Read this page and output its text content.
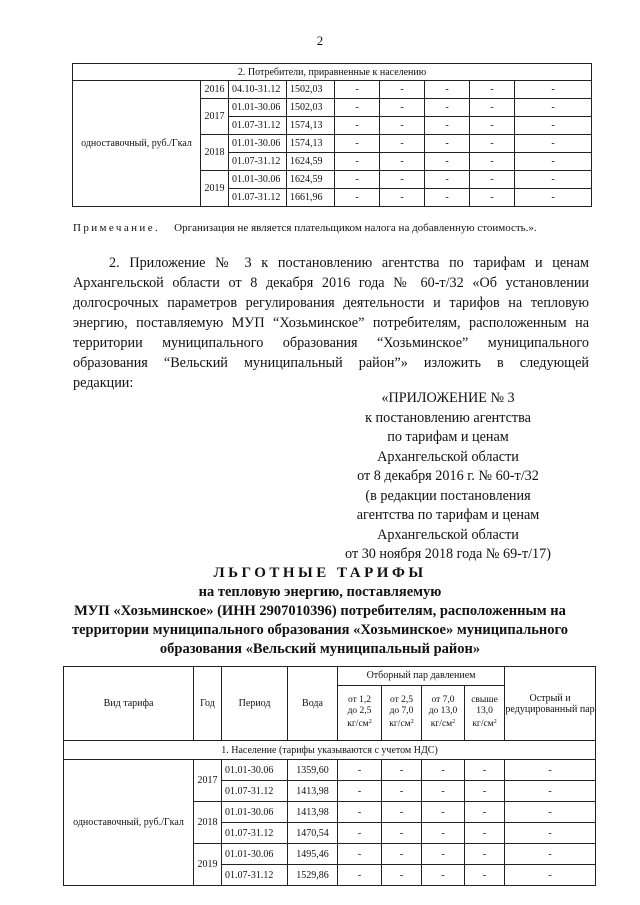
2
2. Потребители, приравненные к населению								
одноставочный, руб./Гкал	2016	04.10-31.12	1502,03	-	-	-	-	-
	2017	01.01-30.06	1502,03	-	-	-	-	-
		01.07-31.12	1574,13	-	-	-	-	-
	2018	01.01-30.06	1574,13	-	-	-	-	-
		01.07-31.12	1624,59	-	-	-	-	-
	2019	01.01-30.06	1624,59	-	-	-	-	-
		01.07-31.12	1661,96	-	-	-	-	-
Примечание. Организация не является плательщиком налога на добавленную стоимость.».
2. Приложение № 3 к постановлению агентства по тарифам и ценам
Архангельской области от 8 декабря 2016 года № 60-т/32 «Об установлении
долгосрочных параметров регулирования деятельности и тарифов на тепловую
энергию, поставляемую МУП “Хозьминское” потребителям, расположенным на
территории муниципального образования “Хозьминское” муниципального
образования “Вельский муниципальный район”» изложить в следующей
редакции:
«ПРИЛОЖЕНИЕ № 3
к постановлению агентства
по тарифам и ценам
Архангельской области
от 8 декабря 2016 г. № 60-т/32
(в редакции постановления
агентства по тарифам и ценам
Архангельской области
от 30 ноября 2018 года № 69-т/17)
ЛЬГОТНЫЕ ТАРИФЫ
на тепловую энергию, поставляемую
МУП «Хозьминское» (ИНН 2907010396) потребителям, расположенным на
территории муниципального образования «Хозьминское» муниципального
образования «Вельский муниципальный район»
Вид тарифа	Год	Период	Вода	Отборный пар давлением				Острый и редуцированный пар
				от 1,2
до 2,5
$кг/см^2$	от 2,5
до 7,0
$кг/см^2$	от 7,0
до 13,0
$кг/см^2$	свыше
13,0
$кг/см^2$
1. Население (тарифы указываются с учетом НДС)								
одноставочный, руб./Гкал	2017	01.01-30.06	1359,60	-	-	-	-	-
		01.07-31.12	1413,98	-	-	-	-	-
	2018	01.01-30.06	1413,98	-	-	-	-	-
		01.07-31.12	1470,54	-	-	-	-	-
	2019	01.01-30.06	1495,46	-	-	-	-	-
		01.07-31.12	1529,86	-	-	-	-	-
